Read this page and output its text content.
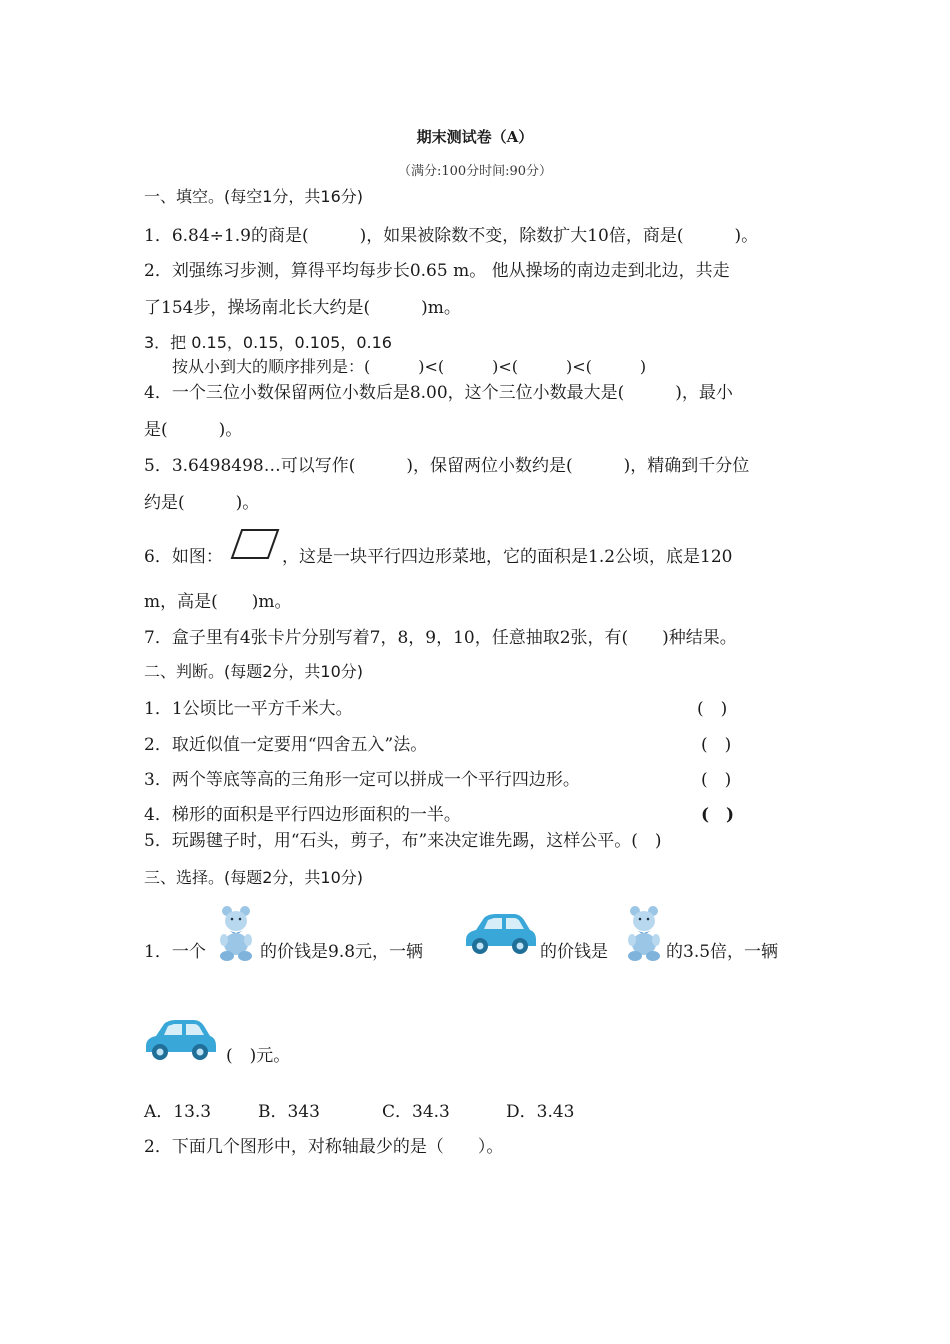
期末测试卷（A）
（满分:100分时间:90分）
一、填空。(每空1分，共16分)
1．6.84÷1.9的商是(　　　)，如果被除数不变，除数扩大10倍，商是(　　　)。
2．刘强练习步测，算得平均每步长0.65 m。 他从操场的南边走到北边，共走
了154步，操场南北长大约是(　　　)m。
3．把 0.15，0.15，0.105，0.16
按从小到大的顺序排列是：(　　　)<(　　　)<(　　　)<(　　　)
4．一个三位小数保留两位小数后是8.00，这个三位小数最大是(　　　)，最小
是(　　　)。
5．3.6498498…可以写作(　　　)，保留两位小数约是(　　　)，精确到千分位
约是(　　　)。
6．如图：	，这是一块平行四边形菜地，它的面积是1.2公顷，底是120
m，高是(　　)m。
7．盒子里有4张卡片分别写着7，8，9，10，任意抽取2张，有(　　)种结果。
二、判断。(每题2分，共10分)
1．1公顷比一平方千米大。	(　)
2．取近似值一定要用“四舍五入”法。	(　)
3．两个等底等高的三角形一定可以拼成一个平行四边形。	(　)
4．梯形的面积是平行四边形面积的一半。	(　)
5．玩踢毽子时，用“石头，剪子，布”来决定谁先踢，这样公平。(　)
三、选择。(每题2分，共10分)
1．一个	的价钱是9.8元，一辆	的价钱是	的3.5倍，一辆
(　)元。
A．13.3	B．343	C．34.3	D．3.43
2．下面几个图形中，对称轴最少的是（　　）。
